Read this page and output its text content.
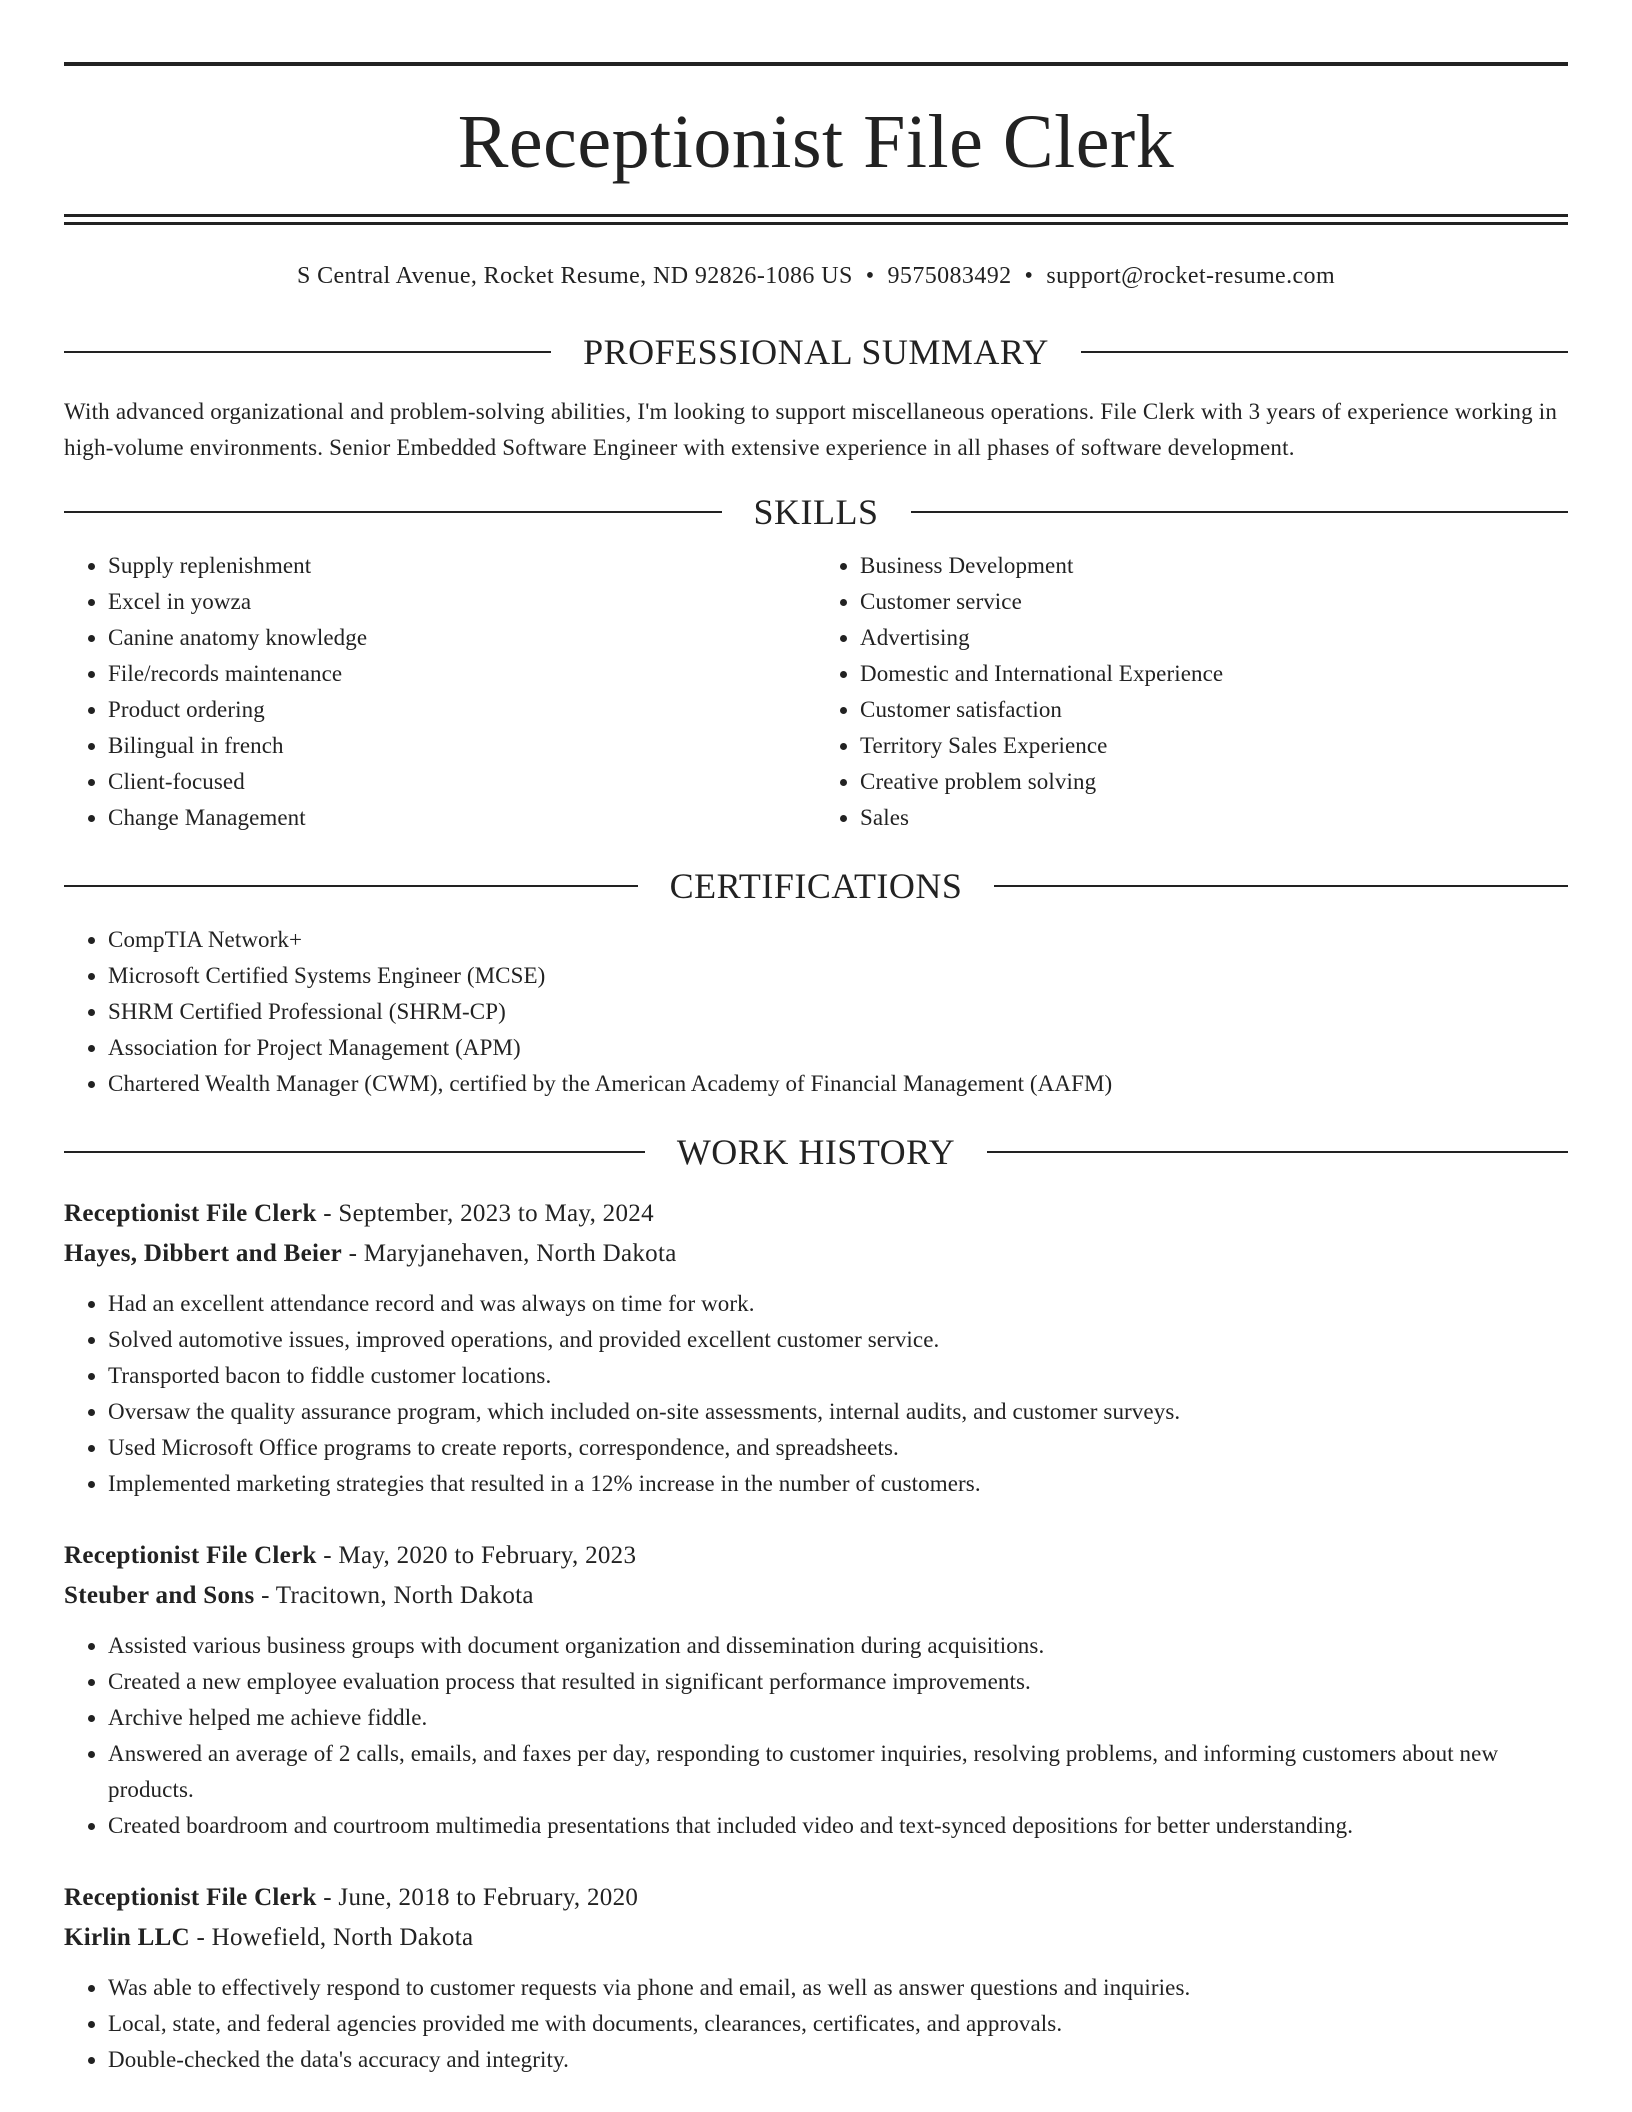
Receptionist File Clerk
S Central Avenue, Rocket Resume, ND 92826-1086 US • 9575083492 • support@rocket-resume.com
PROFESSIONAL SUMMARY

With advanced organizational and problem-solving abilities, I'm looking to support miscellaneous operations. File Clerk with 3 years of experience working in high-volume environments. Senior Embedded Software Engineer with extensive experience in all phases of software development.

SKILLS
• Supply replenishment
• Excel in yowza
• Canine anatomy knowledge
• File/records maintenance
• Product ordering
• Bilingual in french
• Client-focused
• Change Management
• Business Development
• Customer service
• Advertising
• Domestic and International Experience
• Customer satisfaction
• Territory Sales Experience
• Creative problem solving
• Sales
CERTIFICATIONS
• CompTIA Network+
• Microsoft Certified Systems Engineer (MCSE)
• SHRM Certified Professional (SHRM-CP)
• Association for Project Management (APM)
• Chartered Wealth Manager (CWM), certified by the American Academy of Financial Management (AAFM)
WORK HISTORY
Receptionist File Clerk - September, 2023 to May, 2024
Hayes, Dibbert and Beier - Maryjanehaven, North Dakota
• Had an excellent attendance record and was always on time for work.
• Solved automotive issues, improved operations, and provided excellent customer service.
• Transported bacon to fiddle customer locations.
• Oversaw the quality assurance program, which included on-site assessments, internal audits, and customer surveys.
• Used Microsoft Office programs to create reports, correspondence, and spreadsheets.
• Implemented marketing strategies that resulted in a 12% increase in the number of customers.
Receptionist File Clerk - May, 2020 to February, 2023
Steuber and Sons - Tracitown, North Dakota
• Assisted various business groups with document organization and dissemination during acquisitions.
• Created a new employee evaluation process that resulted in significant performance improvements.
• Archive helped me achieve fiddle.
• Answered an average of 2 calls, emails, and faxes per day, responding to customer inquiries, resolving problems, and informing customers about new products.
• Created boardroom and courtroom multimedia presentations that included video and text-synced depositions for better understanding.
Receptionist File Clerk - June, 2018 to February, 2020
Kirlin LLC - Howefield, North Dakota
• Was able to effectively respond to customer requests via phone and email, as well as answer questions and inquiries.
• Local, state, and federal agencies provided me with documents, clearances, certificates, and approvals.
• Double-checked the data's accuracy and integrity.
